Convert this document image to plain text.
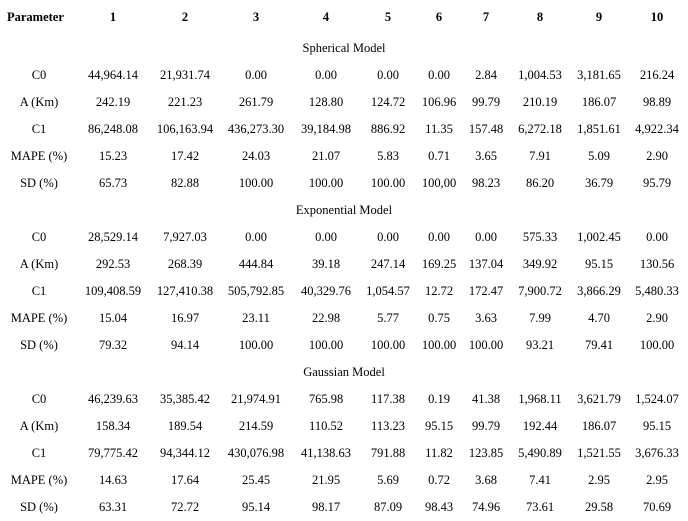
Parameter	1	2	3	4	5	6	7	8	9	10
Spherical Model										
C0	44,964.14	21,931.74	0.00	0.00	0.00	0.00	2.84	1,004.53	3,181.65	216.24
A (Km)	242.19	221.23	261.79	128.80	124.72	106.96	99.79	210.19	186.07	98.89
C1	86,248.08	106,163.94	436,273.30	39,184.98	886.92	11.35	157.48	6,272.18	1,851.61	4,922.34
MAPE (%)	15.23	17.42	24.03	21.07	5.83	0.71	3.65	7.91	5.09	2.90
SD (%)	65.73	82.88	100.00	100.00	100.00	100,00	98.23	86.20	36.79	95.79
Exponential Model										
C0	28,529.14	7,927.03	0.00	0.00	0.00	0.00	0.00	575.33	1,002.45	0.00
A (Km)	292.53	268.39	444.84	39.18	247.14	169.25	137.04	349.92	95.15	130.56
C1	109,408.59	127,410.38	505,792.85	40,329.76	1,054.57	12.72	172.47	7,900.72	3,866.29	5,480.33
MAPE (%)	15.04	16.97	23.11	22.98	5.77	0.75	3.63	7.99	4.70	2.90
SD (%)	79.32	94.14	100.00	100.00	100.00	100.00	100.00	93.21	79.41	100.00
Gaussian Model										
C0	46,239.63	35,385.42	21,974.91	765.98	117.38	0.19	41.38	1,968.11	3,621.79	1,524.07
A (Km)	158.34	189.54	214.59	110.52	113.23	95.15	99.79	192.44	186.07	95.15
C1	79,775.42	94,344.12	430,076.98	41,138.63	791.88	11.82	123.85	5,490.89	1,521.55	3,676.33
MAPE (%)	14.63	17.64	25.45	21.95	5.69	0.72	3.68	7.41	2.95	2.95
SD (%)	63.31	72.72	95.14	98.17	87.09	98.43	74.96	73.61	29.58	70.69
